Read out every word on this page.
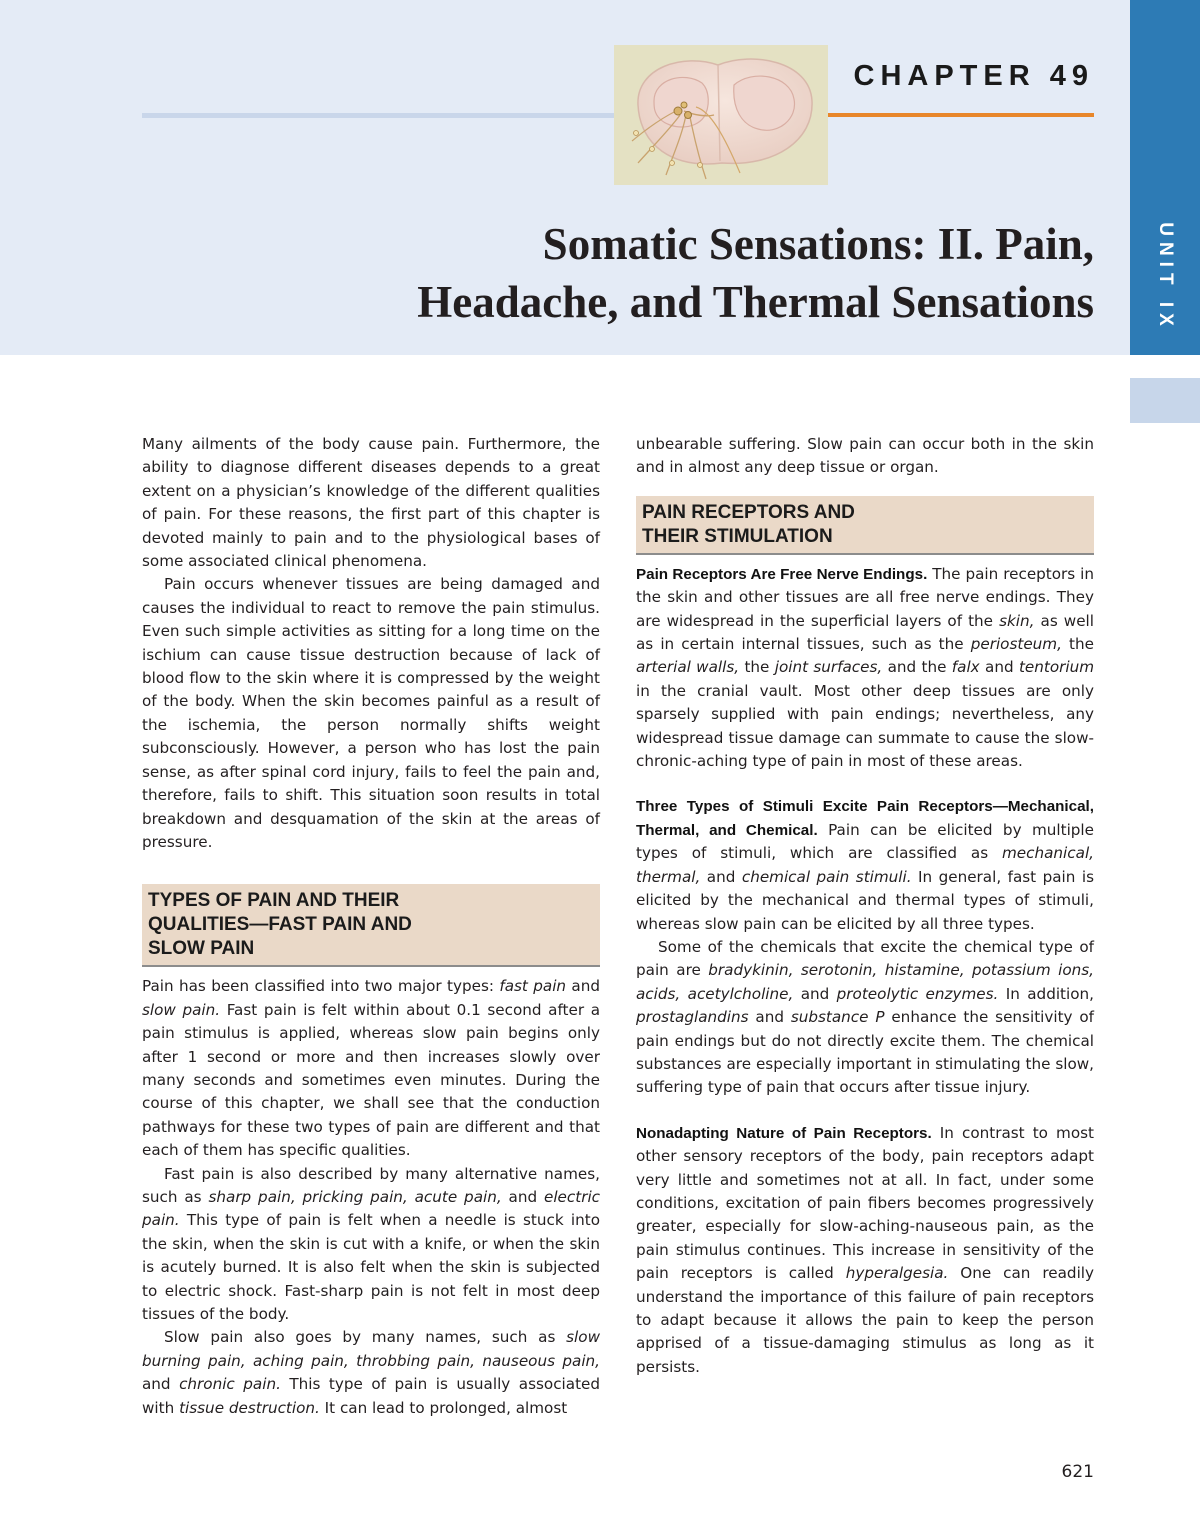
CHAPTER 49
Somatic Sensations: II. Pain,
Headache, and Thermal Sensations	UNIT IX

Many ailments of the body cause pain. Furthermore, the ability to diagnose different diseases depends to a great extent on a physician’s knowledge of the different qualities of pain. For these reasons, the first part of this chapter is devoted mainly to pain and to the physiological bases of some associated clinical phenomena.

Pain occurs whenever tissues are being damaged and causes the individual to react to remove the pain stimulus. Even such simple activities as sitting for a long time on the ischium can cause tissue destruction because of lack of blood flow to the skin where it is compressed by the weight of the body. When the skin becomes painful as a result of the ischemia, the person normally shifts weight subconsciously. However, a person who has lost the pain sense, as after spinal cord injury, fails to feel the pain and, therefore, fails to shift. This situation soon results in total breakdown and desquamation of the skin at the areas of pressure.

TYPES OF PAIN AND THEIR
QUALITIES—FAST PAIN AND
SLOW PAIN

Pain has been classified into two major types: fast pain and slow pain. Fast pain is felt within about 0.1 second after a pain stimulus is applied, whereas slow pain begins only after 1 second or more and then increases slowly over many seconds and sometimes even minutes. During the course of this chapter, we shall see that the conduction pathways for these two types of pain are different and that each of them has specific qualities.

Fast pain is also described by many alternative names, such as sharp pain, pricking pain, acute pain, and electric pain. This type of pain is felt when a needle is stuck into the skin, when the skin is cut with a knife, or when the skin is acutely burned. It is also felt when the skin is subjected to electric shock. Fast-sharp pain is not felt in most deep tissues of the body.

Slow pain also goes by many names, such as slow burning pain, aching pain, throbbing pain, nauseous pain, and chronic pain. This type of pain is usually associated with tissue destruction. It can lead to prolonged, almost

unbearable suffering. Slow pain can occur both in the skin and in almost any deep tissue or organ.

PAIN RECEPTORS AND
THEIR STIMULATION

Pain Receptors Are Free Nerve Endings. The pain receptors in the skin and other tissues are all free nerve endings. They are widespread in the superficial layers of the skin, as well as in certain internal tissues, such as the periosteum, the arterial walls, the joint surfaces, and the falx and tentorium in the cranial vault. Most other deep tissues are only sparsely supplied with pain endings; nevertheless, any widespread tissue damage can summate to cause the slow-chronic-aching type of pain in most of these areas.

Three Types of Stimuli Excite Pain Receptors—Mechanical, Thermal, and Chemical. Pain can be elicited by multiple types of stimuli, which are classified as mechanical, thermal, and chemical pain stimuli. In general, fast pain is elicited by the mechanical and thermal types of stimuli, whereas slow pain can be elicited by all three types.

Some of the chemicals that excite the chemical type of pain are bradykinin, serotonin, histamine, potassium ions, acids, acetylcholine, and proteolytic enzymes. In addition, prostaglandins and substance P enhance the sensitivity of pain endings but do not directly excite them. The chemical substances are especially important in stimulating the slow, suffering type of pain that occurs after tissue injury.

Nonadapting Nature of Pain Receptors. In contrast to most other sensory receptors of the body, pain receptors adapt very little and sometimes not at all. In fact, under some conditions, excitation of pain fibers becomes progressively greater, especially for slow-aching-nauseous pain, as the pain stimulus continues. This increase in sensitivity of the pain receptors is called hyperalgesia. One can readily understand the importance of this failure of pain receptors to adapt because it allows the pain to keep the person apprised of a tissue-damaging stimulus as long as it persists.

621
